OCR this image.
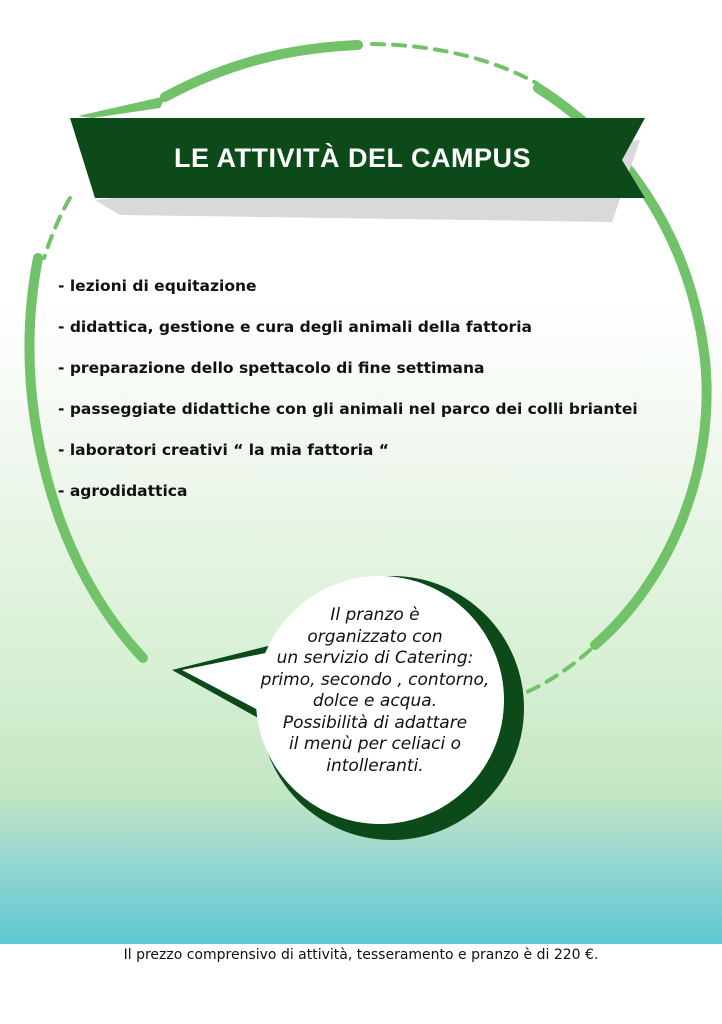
LE ATTIVITÀ DEL CAMPUS
- lezioni di equitazione
- didattica, gestione e cura degli animali della fattoria
- preparazione dello spettacolo di fine settimana
- passeggiate didattiche con gli animali nel parco dei colli briantei
- laboratori creativi “ la mia fattoria “
- agrodidattica
Il pranzo è
organizzato con
un servizio di Catering:
primo, secondo , contorno,
dolce e acqua.
Possibilità di adattare
il menù per celiaci o
intolleranti.
Il prezzo comprensivo di attività, tesseramento e pranzo è di 220 €.
